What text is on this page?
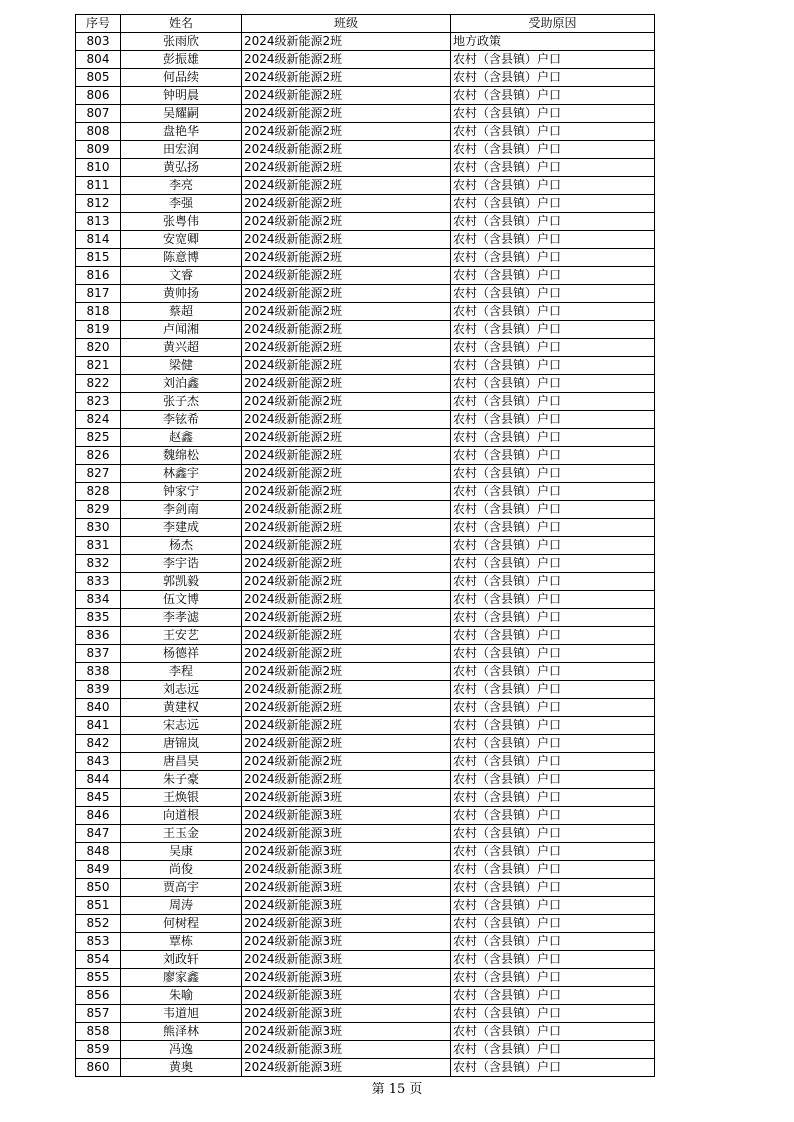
序号	姓名	班级	受助原因
803	张雨欣	2024级新能源2班	地方政策
804	彭振雄	2024级新能源2班	农村（含县镇）户口
805	何品续	2024级新能源2班	农村（含县镇）户口
806	钟明晨	2024级新能源2班	农村（含县镇）户口
807	吴耀嗣	2024级新能源2班	农村（含县镇）户口
808	盘艳华	2024级新能源2班	农村（含县镇）户口
809	田宏润	2024级新能源2班	农村（含县镇）户口
810	黄弘扬	2024级新能源2班	农村（含县镇）户口
811	李亮	2024级新能源2班	农村（含县镇）户口
812	李强	2024级新能源2班	农村（含县镇）户口
813	张粤伟	2024级新能源2班	农村（含县镇）户口
814	安宽卿	2024级新能源2班	农村（含县镇）户口
815	陈意博	2024级新能源2班	农村（含县镇）户口
816	文睿	2024级新能源2班	农村（含县镇）户口
817	黄帅扬	2024级新能源2班	农村（含县镇）户口
818	蔡超	2024级新能源2班	农村（含县镇）户口
819	卢闻湘	2024级新能源2班	农村（含县镇）户口
820	黄兴超	2024级新能源2班	农村（含县镇）户口
821	梁健	2024级新能源2班	农村（含县镇）户口
822	刘泊鑫	2024级新能源2班	农村（含县镇）户口
823	张子杰	2024级新能源2班	农村（含县镇）户口
824	李铉希	2024级新能源2班	农村（含县镇）户口
825	赵鑫	2024级新能源2班	农村（含县镇）户口
826	魏绵松	2024级新能源2班	农村（含县镇）户口
827	林鑫宇	2024级新能源2班	农村（含县镇）户口
828	钟家宁	2024级新能源2班	农村（含县镇）户口
829	李剑南	2024级新能源2班	农村（含县镇）户口
830	李建成	2024级新能源2班	农村（含县镇）户口
831	杨杰	2024级新能源2班	农村（含县镇）户口
832	李宇诰	2024级新能源2班	农村（含县镇）户口
833	郭凯毅	2024级新能源2班	农村（含县镇）户口
834	伍文博	2024级新能源2班	农村（含县镇）户口
835	李孝滤	2024级新能源2班	农村（含县镇）户口
836	王安艺	2024级新能源2班	农村（含县镇）户口
837	杨德祥	2024级新能源2班	农村（含县镇）户口
838	李程	2024级新能源2班	农村（含县镇）户口
839	刘志远	2024级新能源2班	农村（含县镇）户口
840	黄建权	2024级新能源2班	农村（含县镇）户口
841	宋志远	2024级新能源2班	农村（含县镇）户口
842	唐锦岚	2024级新能源2班	农村（含县镇）户口
843	唐昌昊	2024级新能源2班	农村（含县镇）户口
844	朱子豪	2024级新能源2班	农村（含县镇）户口
845	王焕银	2024级新能源3班	农村（含县镇）户口
846	向道根	2024级新能源3班	农村（含县镇）户口
847	王玉金	2024级新能源3班	农村（含县镇）户口
848	吴康	2024级新能源3班	农村（含县镇）户口
849	尚俊	2024级新能源3班	农村（含县镇）户口
850	贾高宇	2024级新能源3班	农村（含县镇）户口
851	周涛	2024级新能源3班	农村（含县镇）户口
852	何树程	2024级新能源3班	农村（含县镇）户口
853	覃栋	2024级新能源3班	农村（含县镇）户口
854	刘政轩	2024级新能源3班	农村（含县镇）户口
855	廖家鑫	2024级新能源3班	农村（含县镇）户口
856	朱喻	2024级新能源3班	农村（含县镇）户口
857	韦道旭	2024级新能源3班	农村（含县镇）户口
858	熊泽林	2024级新能源3班	农村（含县镇）户口
859	冯逸	2024级新能源3班	农村（含县镇）户口
860	黄奥	2024级新能源3班	农村（含县镇）户口
第 15 页
